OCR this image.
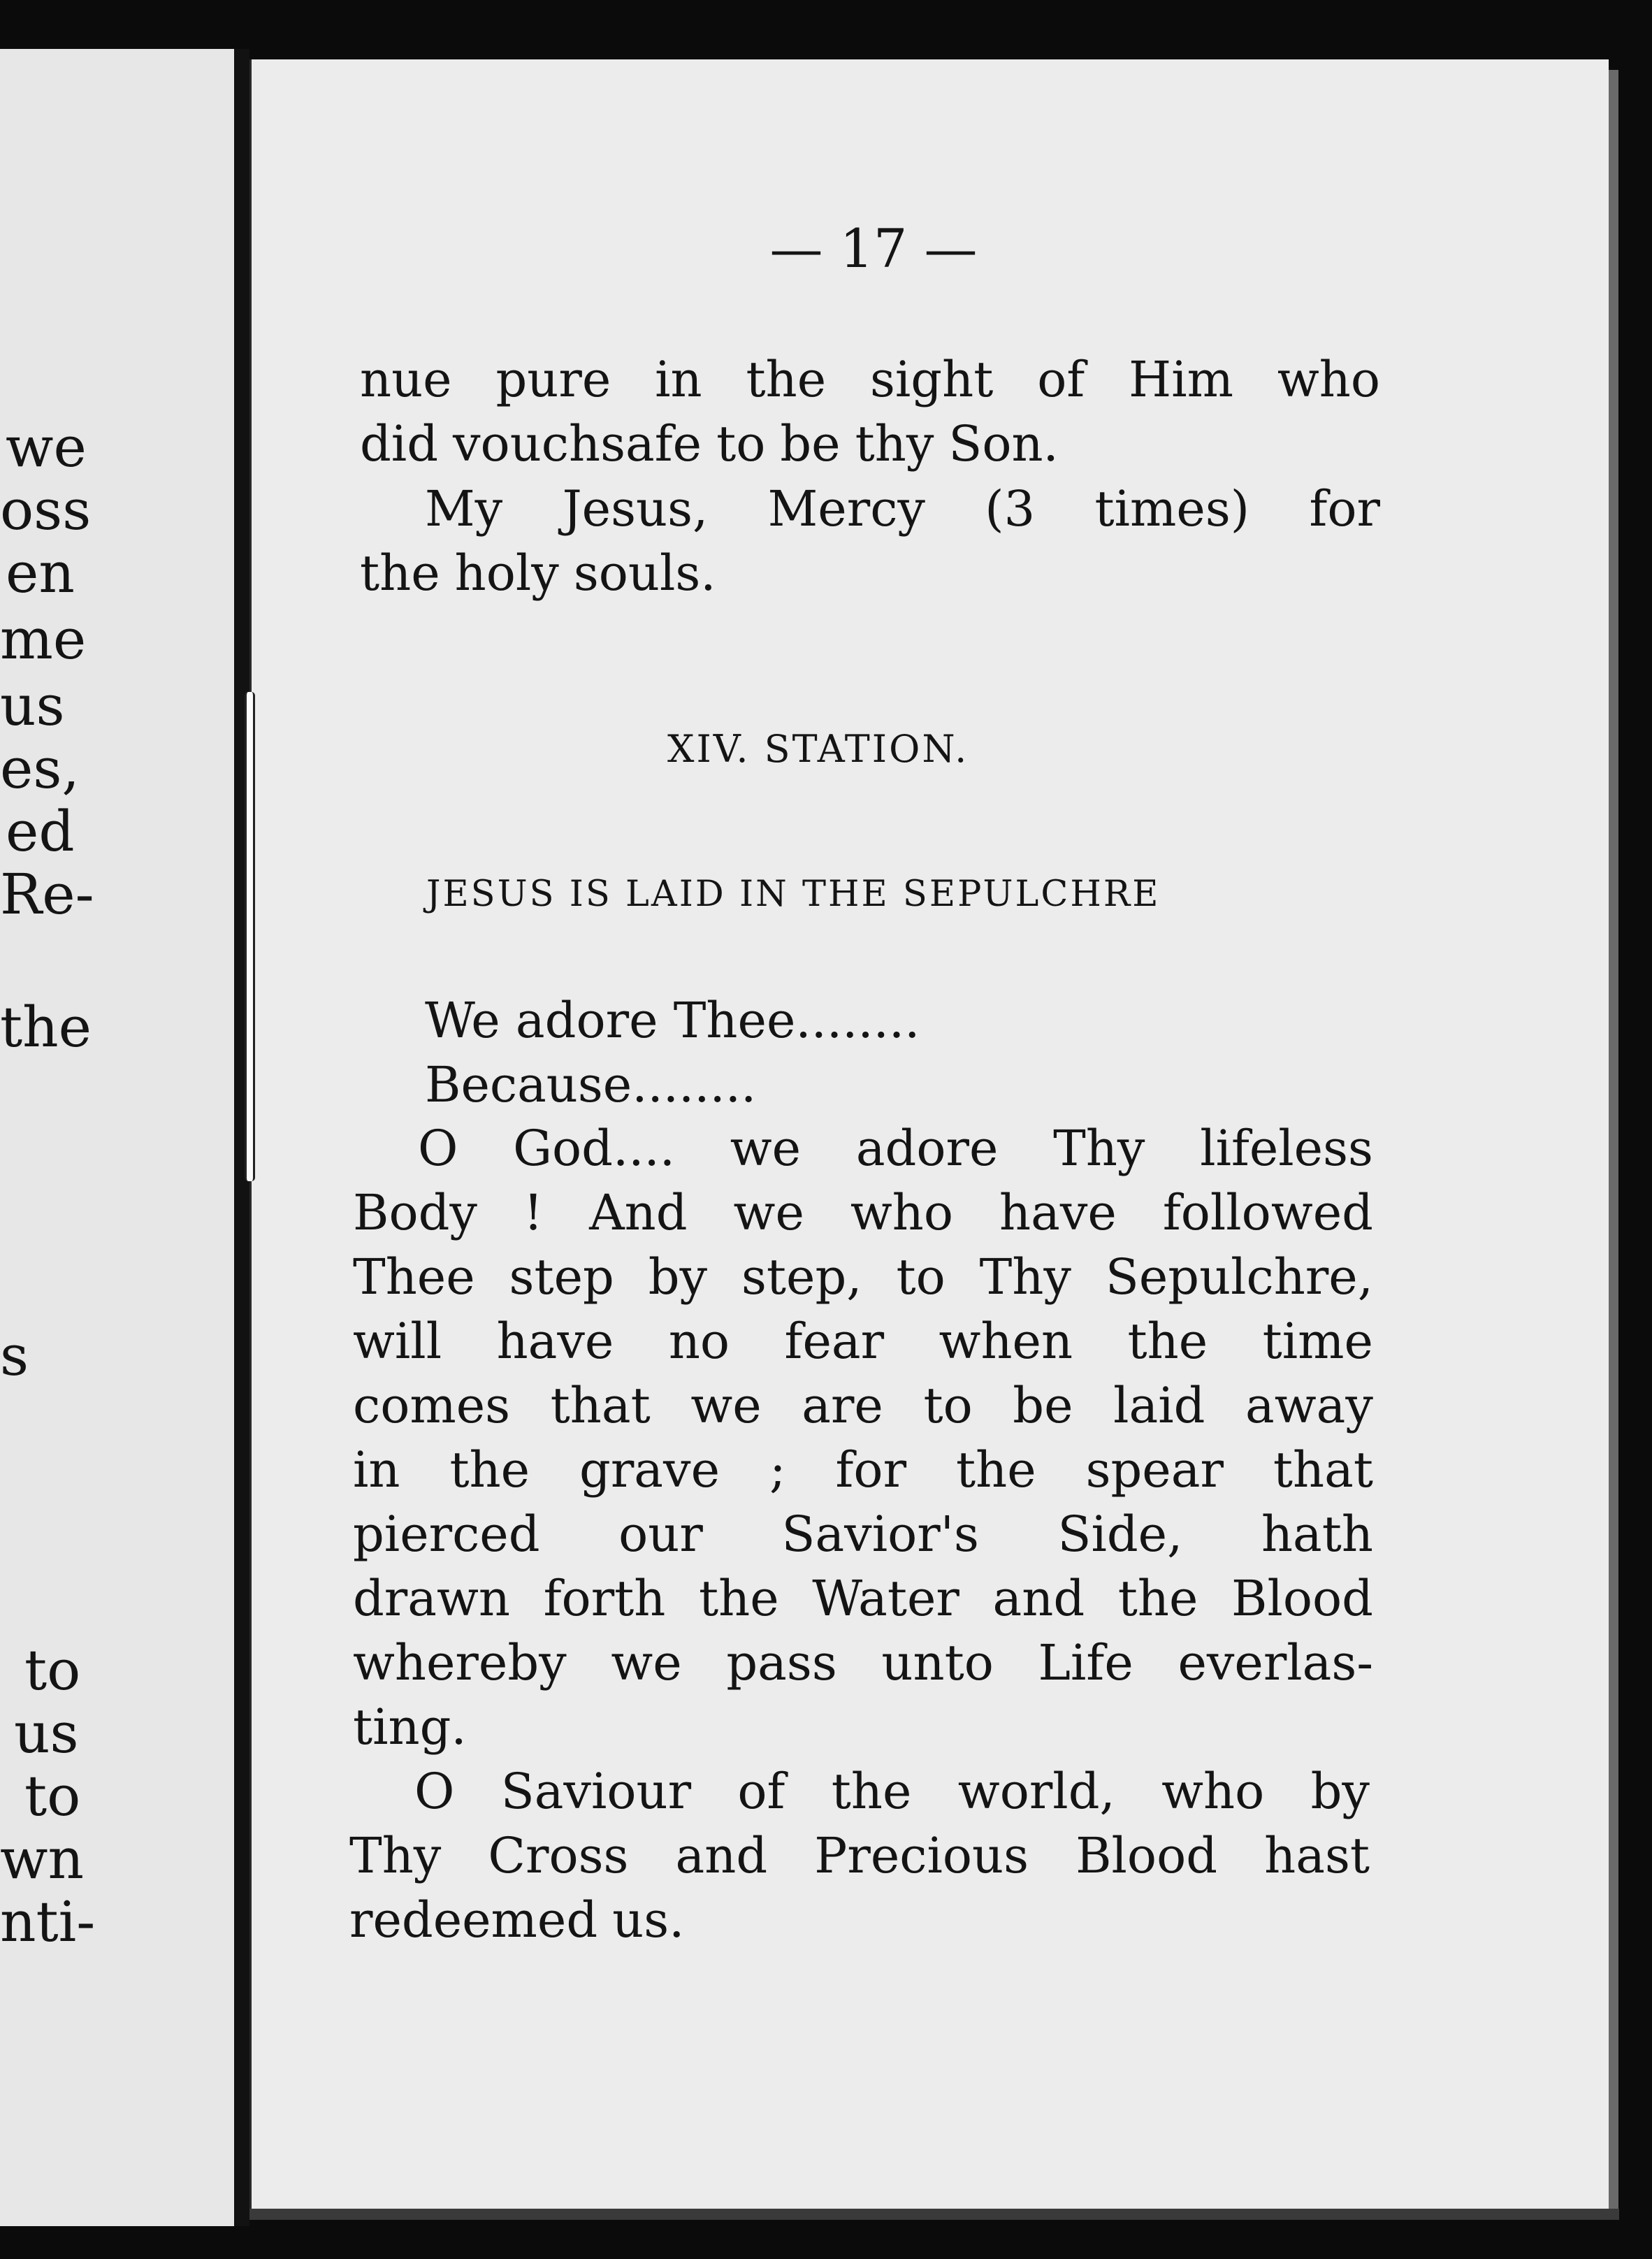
we
oss
en
me
us
es,
ed
Re-
the
s
to
us
to
wn
nti-
— 17 —
nue pure in the sight of Him who
did vouchsafe to be thy Son.
My Jesus, Mercy (3 times) for
the holy souls.
XIV. STATION.
JESUS IS LAID IN THE SEPULCHRE
We adore Thee........
Because........
O God.... we adore Thy lifeless
Body ! And we who have followed
Thee step by step, to Thy Sepulchre,
will have no fear when the time
comes that we are to be laid away
in the grave ; for the spear that
pierced our Savior's Side, hath
drawn forth the Water and the Blood
whereby we pass unto Life everlas-
ting.
O Saviour of the world, who by
Thy Cross and Precious Blood hast
redeemed us.
